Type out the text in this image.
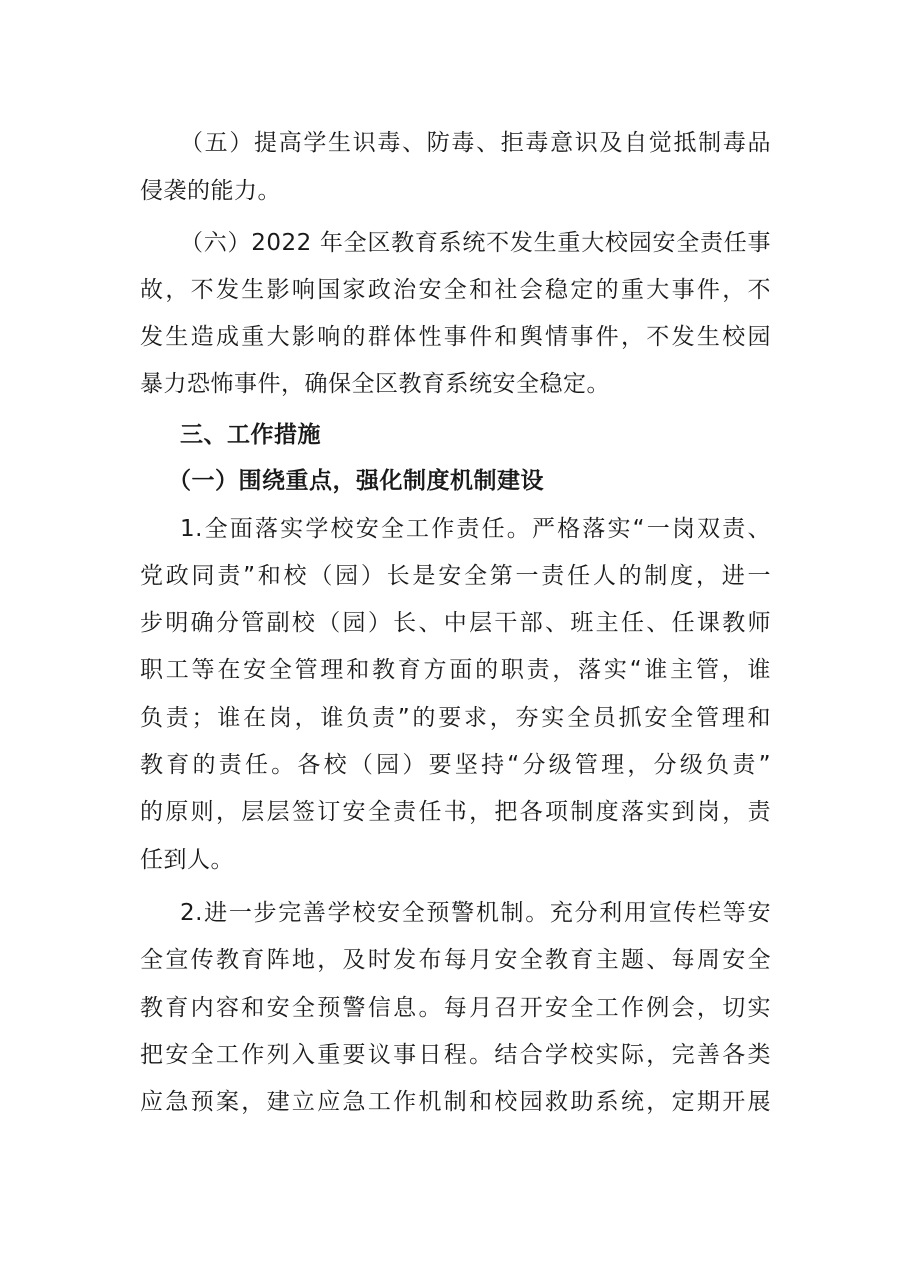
（五）提高学生识毒、防毒、拒毒意识及自觉抵制毒品
侵袭的能力。
（六）2022 年全区教育系统不发生重大校园安全责任事
故，不发生影响国家政治安全和社会稳定的重大事件，不
发生造成重大影响的群体性事件和舆情事件，不发生校园
暴力恐怖事件，确保全区教育系统安全稳定。
三、工作措施
（一）围绕重点，强化制度机制建设
1.全面落实学校安全工作责任。严格落实“一岗双责、
党政同责”和校（园）长是安全第一责任人的制度，进一
步明确分管副校（园）长、中层干部、班主任、任课教师
职工等在安全管理和教育方面的职责，落实“谁主管，谁
负责；谁在岗，谁负责”的要求，夯实全员抓安全管理和
教育的责任。各校（园）要坚持“分级管理，分级负责”
的原则，层层签订安全责任书，把各项制度落实到岗，责
任到人。
2.进一步完善学校安全预警机制。充分利用宣传栏等安
全宣传教育阵地，及时发布每月安全教育主题、每周安全
教育内容和安全预警信息。每月召开安全工作例会，切实
把安全工作列入重要议事日程。结合学校实际，完善各类
应急预案，建立应急工作机制和校园救助系统，定期开展
